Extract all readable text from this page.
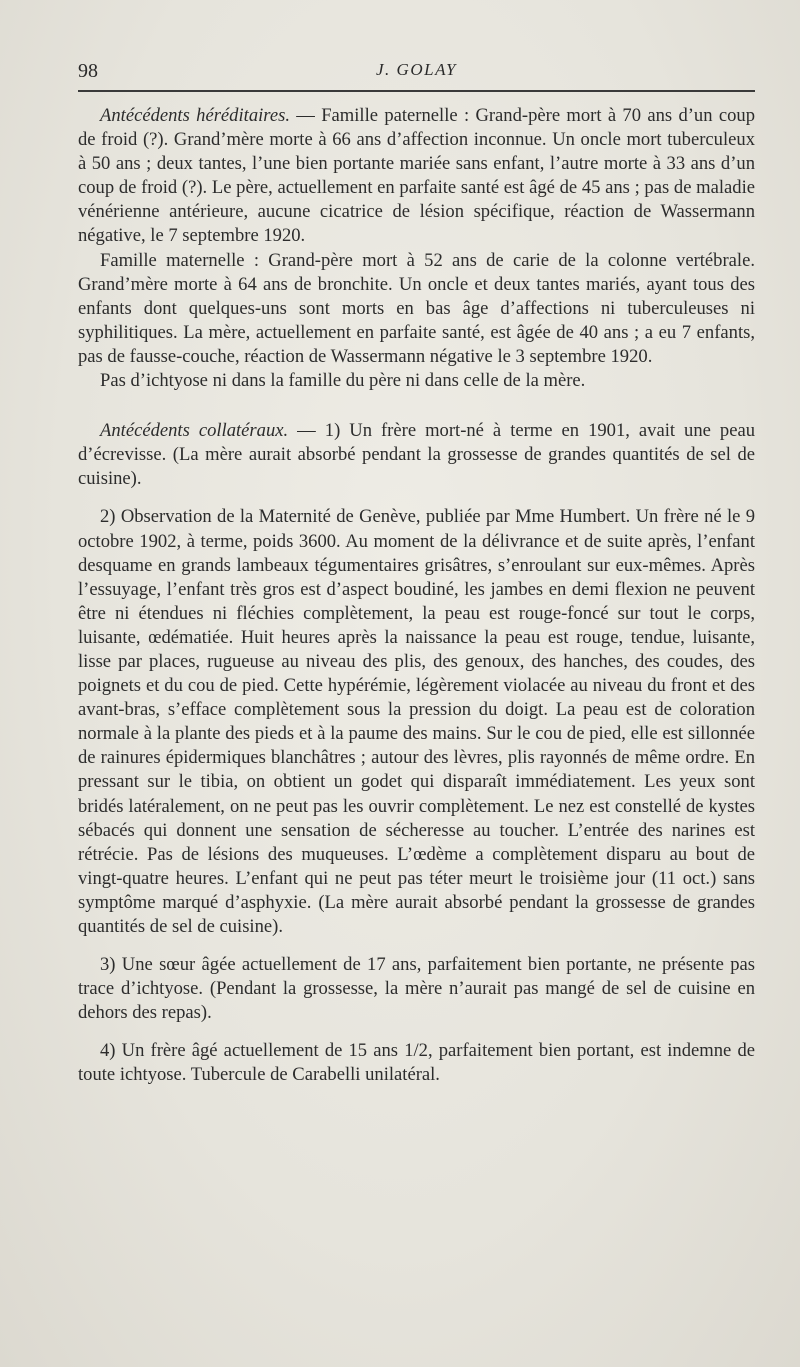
98	J. GOLAY

Antécédents héréditaires. — Famille paternelle : Grand-père mort à 70 ans d’un coup de froid (?). Grand’mère morte à 66 ans d’affection inconnue. Un oncle mort tuberculeux à 50 ans ; deux tantes, l’une bien portante mariée sans enfant, l’autre morte à 33 ans d’un coup de froid (?). Le père, actuellement en parfaite santé est âgé de 45 ans ; pas de maladie vénérienne antérieure, aucune cicatrice de lésion spécifique, réaction de Wassermann négative, le 7 septembre 1920.

Famille maternelle : Grand-père mort à 52 ans de carie de la colonne vertébrale. Grand’mère morte à 64 ans de bronchite. Un oncle et deux tantes mariés, ayant tous des enfants dont quelques-uns sont morts en bas âge d’affections ni tuberculeuses ni syphilitiques. La mère, actuellement en parfaite santé, est âgée de 40 ans ; a eu 7 enfants, pas de fausse-couche, réaction de Wassermann négative le 3 septembre 1920.

Pas d’ichtyose ni dans la famille du père ni dans celle de la mère.

Antécédents collatéraux. — 1) Un frère mort-né à terme en 1901, avait une peau d’écrevisse. (La mère aurait absorbé pendant la grossesse de grandes quantités de sel de cuisine).

2) Observation de la Maternité de Genève, publiée par Mme Humbert. Un frère né le 9 octobre 1902, à terme, poids 3600. Au moment de la délivrance et de suite après, l’enfant desquame en grands lambeaux tégumentaires grisâtres, s’enroulant sur eux-mêmes. Après l’essuyage, l’enfant très gros est d’aspect boudiné, les jambes en demi flexion ne peuvent être ni étendues ni fléchies complètement, la peau est rouge-foncé sur tout le corps, luisante, œdématiée. Huit heures après la naissance la peau est rouge, tendue, luisante, lisse par places, rugueuse au niveau des plis, des genoux, des hanches, des coudes, des poignets et du cou de pied. Cette hypérémie, légèrement violacée au niveau du front et des avant-bras, s’efface complètement sous la pression du doigt. La peau est de coloration normale à la plante des pieds et à la paume des mains. Sur le cou de pied, elle est sillonnée de rainures épidermiques blanchâtres ; autour des lèvres, plis rayonnés de même ordre. En pressant sur le tibia, on obtient un godet qui disparaît immédiatement. Les yeux sont bridés latéralement, on ne peut pas les ouvrir complètement. Le nez est constellé de kystes sébacés qui donnent une sensation de sécheresse au toucher. L’entrée des narines est rétrécie. Pas de lésions des muqueuses. L’œdème a complètement disparu au bout de vingt-quatre heures. L’enfant qui ne peut pas téter meurt le troisième jour (11 oct.) sans symptôme marqué d’asphyxie. (La mère aurait absorbé pendant la grossesse de grandes quantités de sel de cuisine).

3) Une sœur âgée actuellement de 17 ans, parfaitement bien portante, ne présente pas trace d’ichtyose. (Pendant la grossesse, la mère n’aurait pas mangé de sel de cuisine en dehors des repas).

4) Un frère âgé actuellement de 15 ans 1/2, parfaitement bien portant, est indemne de toute ichtyose. Tubercule de Carabelli unilatéral.
